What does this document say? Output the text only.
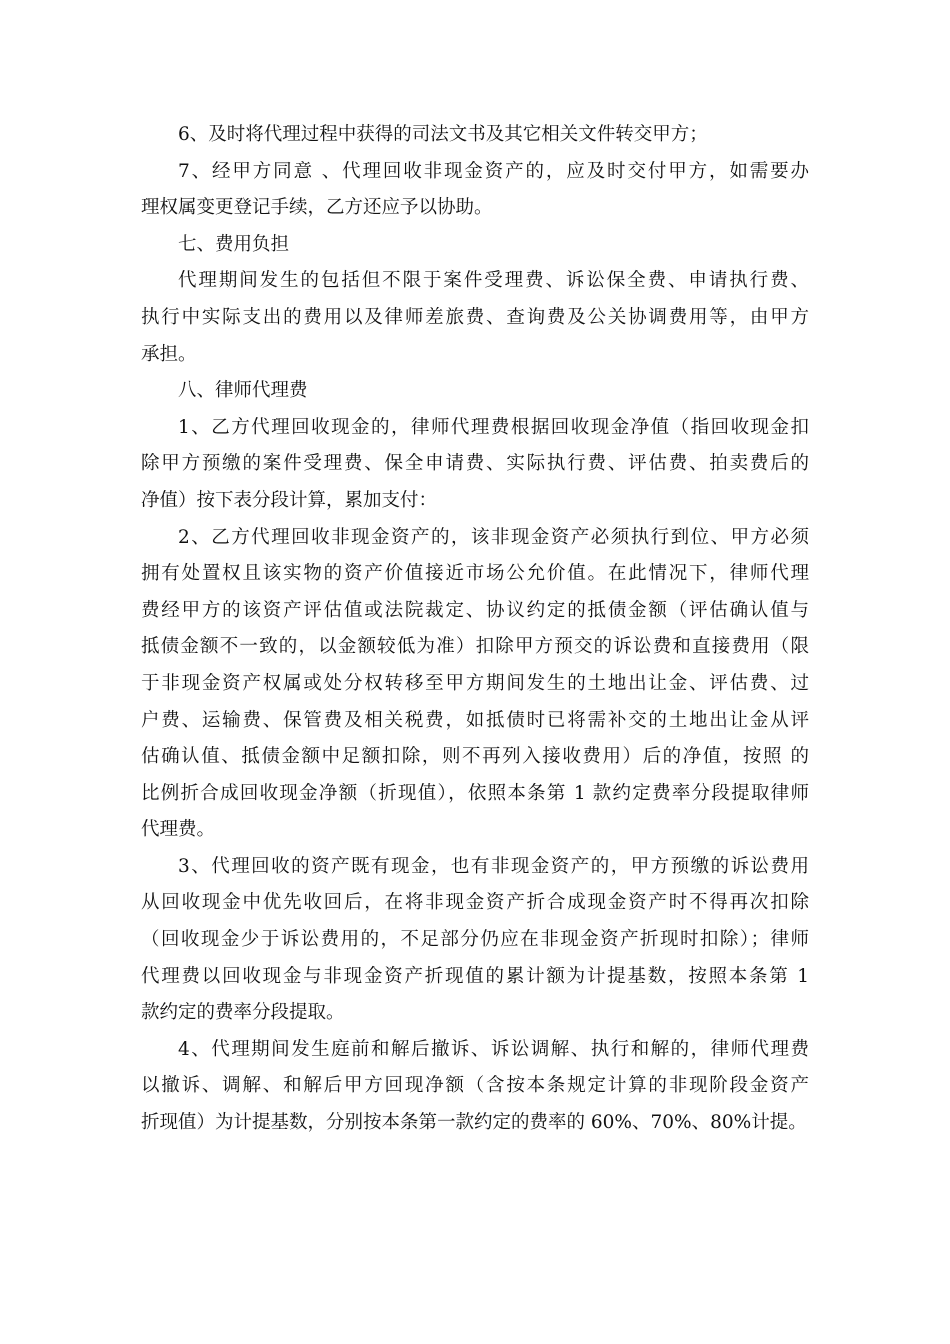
6、及时将代理过程中获得的司法文书及其它相关文件转交甲方；

7、经甲方同意 、代理回收非现金资产的，应及时交付甲方，如需要办
理权属变更登记手续，乙方还应予以协助。

七、费用负担

代理期间发生的包括但不限于案件受理费、诉讼保全费、申请执行费、
执行中实际支出的费用以及律师差旅费、查询费及公关协调费用等，由甲方
承担。

八、律师代理费

1、乙方代理回收现金的，律师代理费根据回收现金净值（指回收现金扣
除甲方预缴的案件受理费、保全申请费、实际执行费、评估费、拍卖费后的
净值）按下表分段计算，累加支付：

2、乙方代理回收非现金资产的，该非现金资产必须执行到位、甲方必须
拥有处置权且该实物的资产价值接近市场公允价值。在此情况下，律师代理
费经甲方的该资产评估值或法院裁定、协议约定的抵债金额（评估确认值与
抵债金额不一致的，以金额较低为准）扣除甲方预交的诉讼费和直接费用（限
于非现金资产权属或处分权转移至甲方期间发生的土地出让金、评估费、过
户费、运输费、保管费及相关税费，如抵债时已将需补交的土地出让金从评
估确认值、抵债金额中足额扣除，则不再列入接收费用）后的净值，按照 的
比例折合成回收现金净额（折现值），依照本条第 1 款约定费率分段提取律师
代理费。

3、代理回收的资产既有现金，也有非现金资产的，甲方预缴的诉讼费用
从回收现金中优先收回后，在将非现金资产折合成现金资产时不得再次扣除
（回收现金少于诉讼费用的，不足部分仍应在非现金资产折现时扣除）；律师
代理费以回收现金与非现金资产折现值的累计额为计提基数，按照本条第 1
款约定的费率分段提取。

4、代理期间发生庭前和解后撤诉、诉讼调解、执行和解的，律师代理费
以撤诉、调解、和解后甲方回现净额（含按本条规定计算的非现阶段金资产
折现值）为计提基数，分别按本条第一款约定的费率的 60%、70%、80%计提。
